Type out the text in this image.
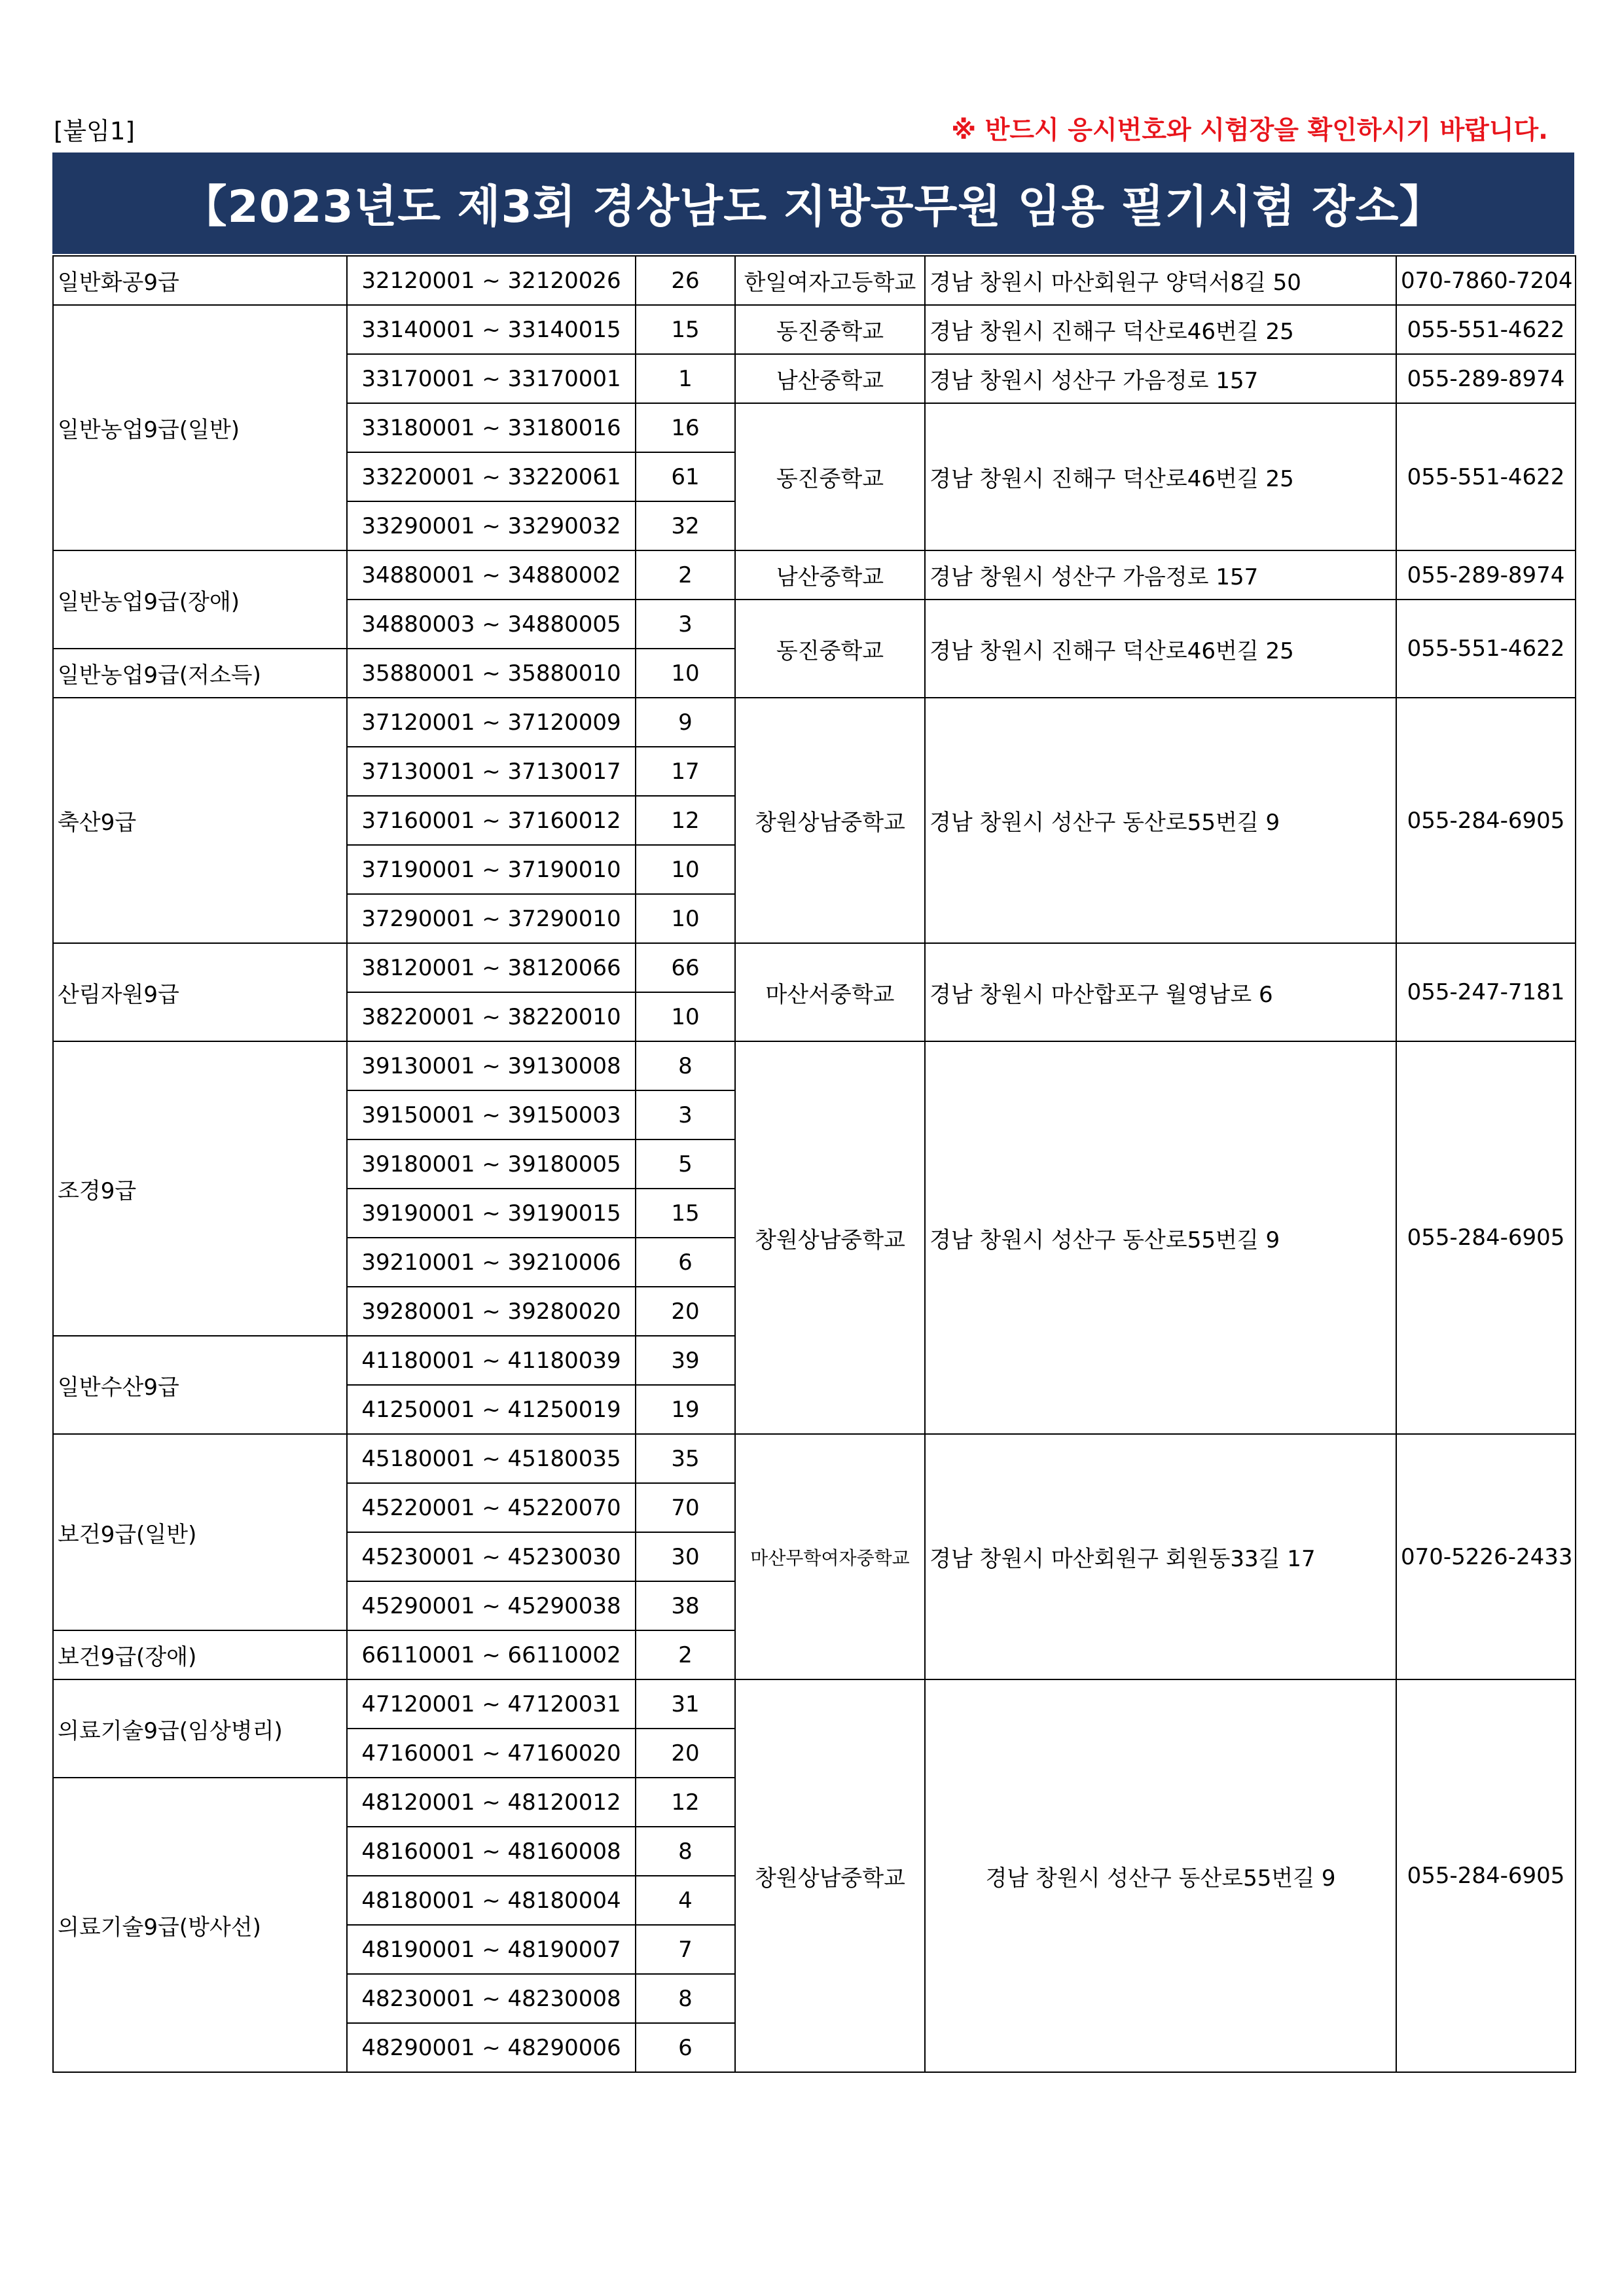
[붙임1]	※ 반드시 응시번호와 시험장을 확인하시기 바랍니다.
【2023년도 제3회 경상남도 지방공무원 임용 필기시험 장소】
일반화공9급	32120001 ~ 32120026	26	한일여자고등학교	경남 창원시 마산회원구 양덕서8길 50	070-7860-7204
일반농업9급(일반)	33140001 ~ 33140015	15	동진중학교	경남 창원시 진해구 덕산로46번길 25	055-551-4622
	33170001 ~ 33170001	1	남산중학교	경남 창원시 성산구 가음정로 157	055-289-8974
	33180001 ~ 33180016	16	동진중학교	경남 창원시 진해구 덕산로46번길 25	055-551-4622
	33220001 ~ 33220061	61			
	33290001 ~ 33290032	32			
일반농업9급(장애)	34880001 ~ 34880002	2	남산중학교	경남 창원시 성산구 가음정로 157	055-289-8974
	34880003 ~ 34880005	3	동진중학교	경남 창원시 진해구 덕산로46번길 25	055-551-4622
일반농업9급(저소득)	35880001 ~ 35880010	10			
축산9급	37120001 ~ 37120009	9	창원상남중학교	경남 창원시 성산구 동산로55번길 9	055-284-6905
	37130001 ~ 37130017	17			
	37160001 ~ 37160012	12			
	37190001 ~ 37190010	10			
	37290001 ~ 37290010	10			
산림자원9급	38120001 ~ 38120066	66	마산서중학교	경남 창원시 마산합포구 월영남로 6	055-247-7181
	38220001 ~ 38220010	10			
조경9급	39130001 ~ 39130008	8	창원상남중학교	경남 창원시 성산구 동산로55번길 9	055-284-6905
	39150001 ~ 39150003	3			
	39180001 ~ 39180005	5			
	39190001 ~ 39190015	15			
	39210001 ~ 39210006	6			
	39280001 ~ 39280020	20			
일반수산9급	41180001 ~ 41180039	39			
	41250001 ~ 41250019	19			
보건9급(일반)	45180001 ~ 45180035	35	마산무학여자중학교	경남 창원시 마산회원구 회원동33길 17	070-5226-2433
	45220001 ~ 45220070	70			
	45230001 ~ 45230030	30			
	45290001 ~ 45290038	38			
보건9급(장애)	66110001 ~ 66110002	2			
의료기술9급(임상병리)	47120001 ~ 47120031	31	창원상남중학교	경남 창원시 성산구 동산로55번길 9	055-284-6905
	47160001 ~ 47160020	20			
의료기술9급(방사선)	48120001 ~ 48120012	12			
	48160001 ~ 48160008	8			
	48180001 ~ 48180004	4			
	48190001 ~ 48190007	7			
	48230001 ~ 48230008	8			
	48290001 ~ 48290006	6			
